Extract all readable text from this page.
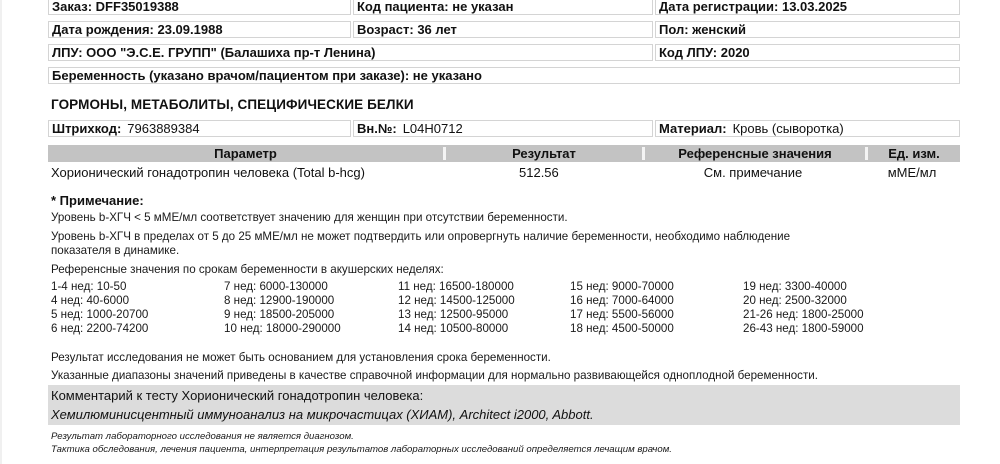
Заказ: DFF35019388	Код пациента: не указан	Дата регистрации: 13.03.2025
Дата рождения: 23.09.1988	Возраст: 36 лет	Пол: женский
ЛПУ: ООО "Э.С.Е. ГРУПП" (Балашиха пр-т Ленина)	Код ЛПУ: 2020
Беременность (указано врачом/пациентом при заказе): не указано
ГОРМОНЫ, МЕТАБОЛИТЫ, СПЕЦИФИЧЕСКИЕ БЕЛКИ
Штрихкод: 7963889384	Вн.№: L04H0712	Материал: Кровь (сыворотка)
Параметр	Результат	Референсные значения	Ед. изм.
Хорионический гонадотропин человека (Total b-hcg)	512.56	См. примечание	мМЕ/мл
* Примечание:
Уровень b-ХГЧ < 5 мМЕ/мл соответствует значению для женщин при отсутствии беременности.
Уровень b-ХГЧ в пределах от 5 до 25 мМЕ/мл не может подтвердить или опровергнуть наличие беременности, необходимо наблюдение
показателя в динамике.
Референсные значения по срокам беременности в акушерских неделях:
1-4 нед: 10-50
4 нед: 40-6000
5 нед: 1000-20700
6 нед: 2200-74200
7 нед: 6000-130000
8 нед: 12900-190000
9 нед: 18500-205000
10 нед: 18000-290000
11 нед: 16500-180000
12 нед: 14500-125000
13 нед: 12500-95000
14 нед: 10500-80000
15 нед: 9000-70000
16 нед: 7000-64000
17 нед: 5500-56000
18 нед: 4500-50000
19 нед: 3300-40000
20 нед: 2500-32000
21-26 нед: 1800-25000
26-43 нед: 1800-59000
Результат исследования не может быть основанием для установления срока беременности.
Указанные диапазоны значений приведены в качестве справочной информации для нормально развивающейся одноплодной беременности.
Комментарий к тесту Хорионический гонадотропин человека:
Хемилюминисцентный иммуноанализ на микрочастицах (ХИАМ), Architect i2000, Abbott.
Результат лабораторного исследования не является диагнозом.
Тактика обследования, лечения пациента, интерпретация результатов лабораторных исследований определяется лечащим врачом.
